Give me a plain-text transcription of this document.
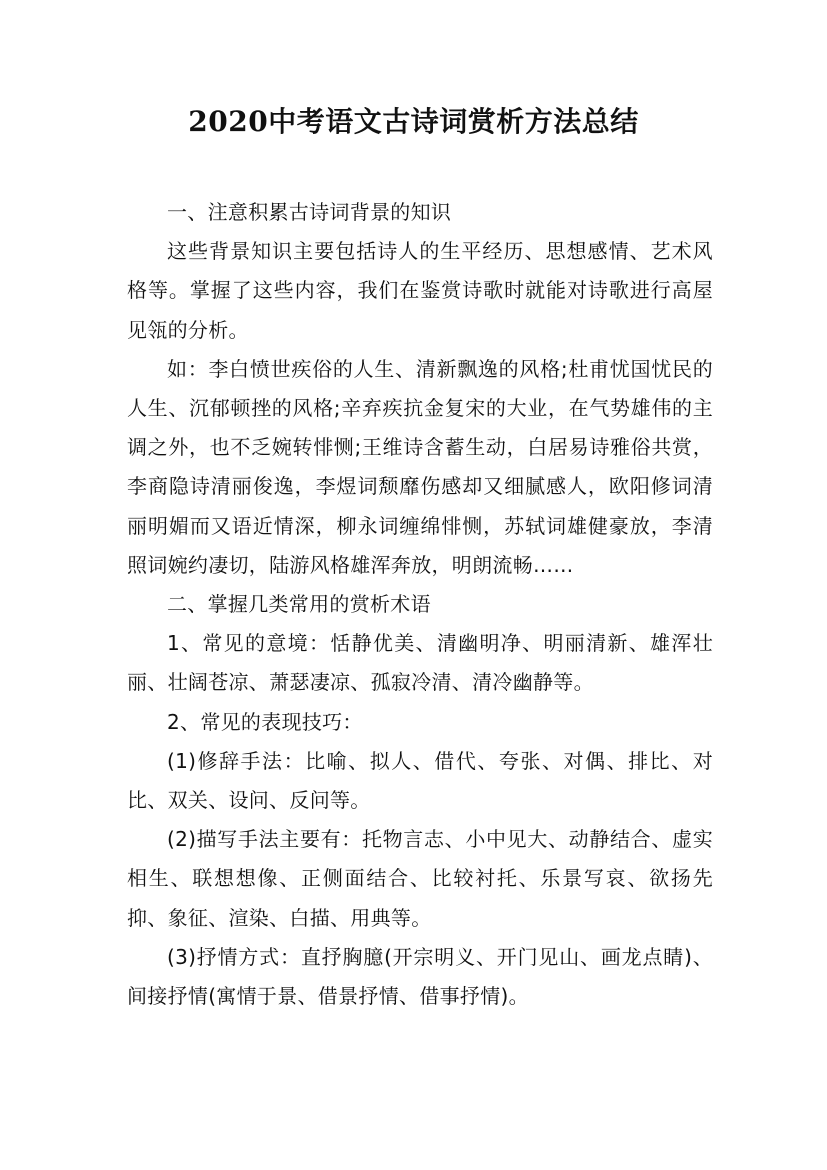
2020中考语文古诗词赏析方法总结

一、注意积累古诗词背景的知识

这些背景知识主要包括诗人的生平经历、思想感情、艺术风格等。掌握了这些内容，我们在鉴赏诗歌时就能对诗歌进行高屋见瓴的分析。

如：李白愤世疾俗的人生、清新飘逸的风格;杜甫忧国忧民的人生、沉郁顿挫的风格;辛弃疾抗金复宋的大业，在气势雄伟的主调之外，也不乏婉转悱恻;王维诗含蓄生动，白居易诗雅俗共赏，李商隐诗清丽俊逸，李煜词颓靡伤感却又细腻感人，欧阳修词清丽明媚而又语近情深，柳永词缠绵悱恻，苏轼词雄健豪放，李清照词婉约凄切，陆游风格雄浑奔放，明朗流畅……

二、掌握几类常用的赏析术语

1、常见的意境：恬静优美、清幽明净、明丽清新、雄浑壮丽、壮阔苍凉、萧瑟凄凉、孤寂冷清、清冷幽静等。

2、常见的表现技巧：

(1)修辞手法：比喻、拟人、借代、夸张、对偶、排比、对比、双关、设问、反问等。

(2)描写手法主要有：托物言志、小中见大、动静结合、虚实相生、联想想像、正侧面结合、比较衬托、乐景写哀、欲扬先抑、象征、渲染、白描、用典等。

(3)抒情方式：直抒胸臆(开宗明义、开门见山、画龙点睛)、间接抒情(寓情于景、借景抒情、借事抒情)。
